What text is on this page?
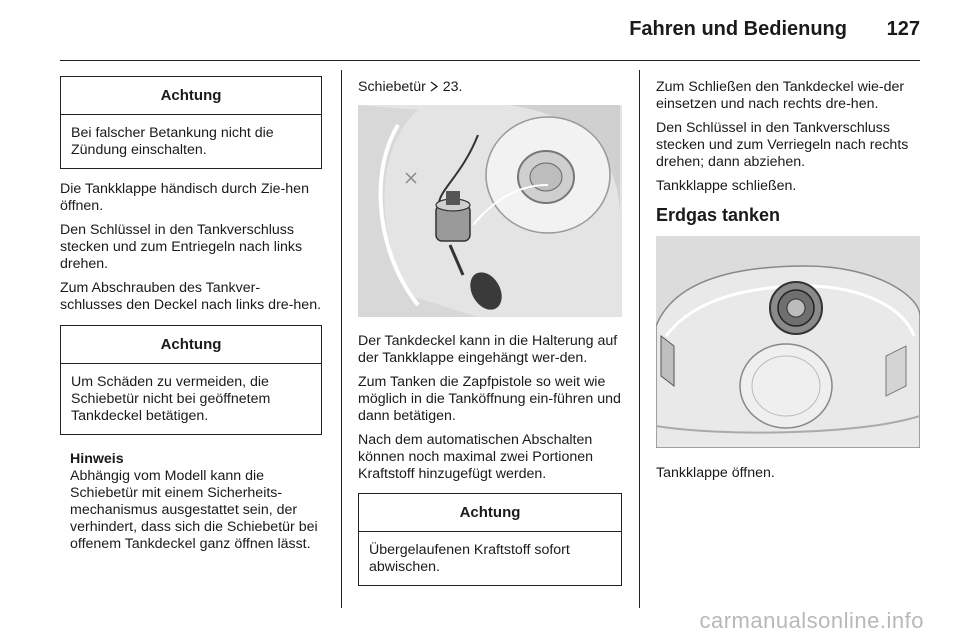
Fahren und Bedienung 127
Achtung
Bei falscher Betankung nicht die Zündung einschalten.

Die Tankklappe händisch durch Zie-hen öffnen.

Den Schlüssel in den Tankverschluss stecken und zum Entriegeln nach links drehen.

Zum Abschrauben des Tankver-schlusses den Deckel nach links dre-hen.

Achtung
Um Schäden zu vermeiden, die Schiebetür nicht bei geöffnetem Tankdeckel betätigen.
Hinweis
Abhängig vom Modell kann die Schiebetür mit einem Sicherheits-mechanismus ausgestattet sein, der verhindert, dass sich die Schiebetür bei offenem Tankdeckel ganz öffnen lässt.

Schiebetür 23.

Der Tankdeckel kann in die Halterung auf der Tankklappe eingehängt wer-den.

Zum Tanken die Zapfpistole so weit wie möglich in die Tanköffnung ein-führen und dann betätigen.

Nach dem automatischen Abschalten können noch maximal zwei Portionen Kraftstoff hinzugefügt werden.

Achtung
Übergelaufenen Kraftstoff sofort abwischen.

Zum Schließen den Tankdeckel wie-der einsetzen und nach rechts dre-hen.

Den Schlüssel in den Tankverschluss stecken und zum Verriegeln nach rechts drehen; dann abziehen.

Tankklappe schließen.

Erdgas tanken

Tankklappe öffnen.

carmanualsonline.info
